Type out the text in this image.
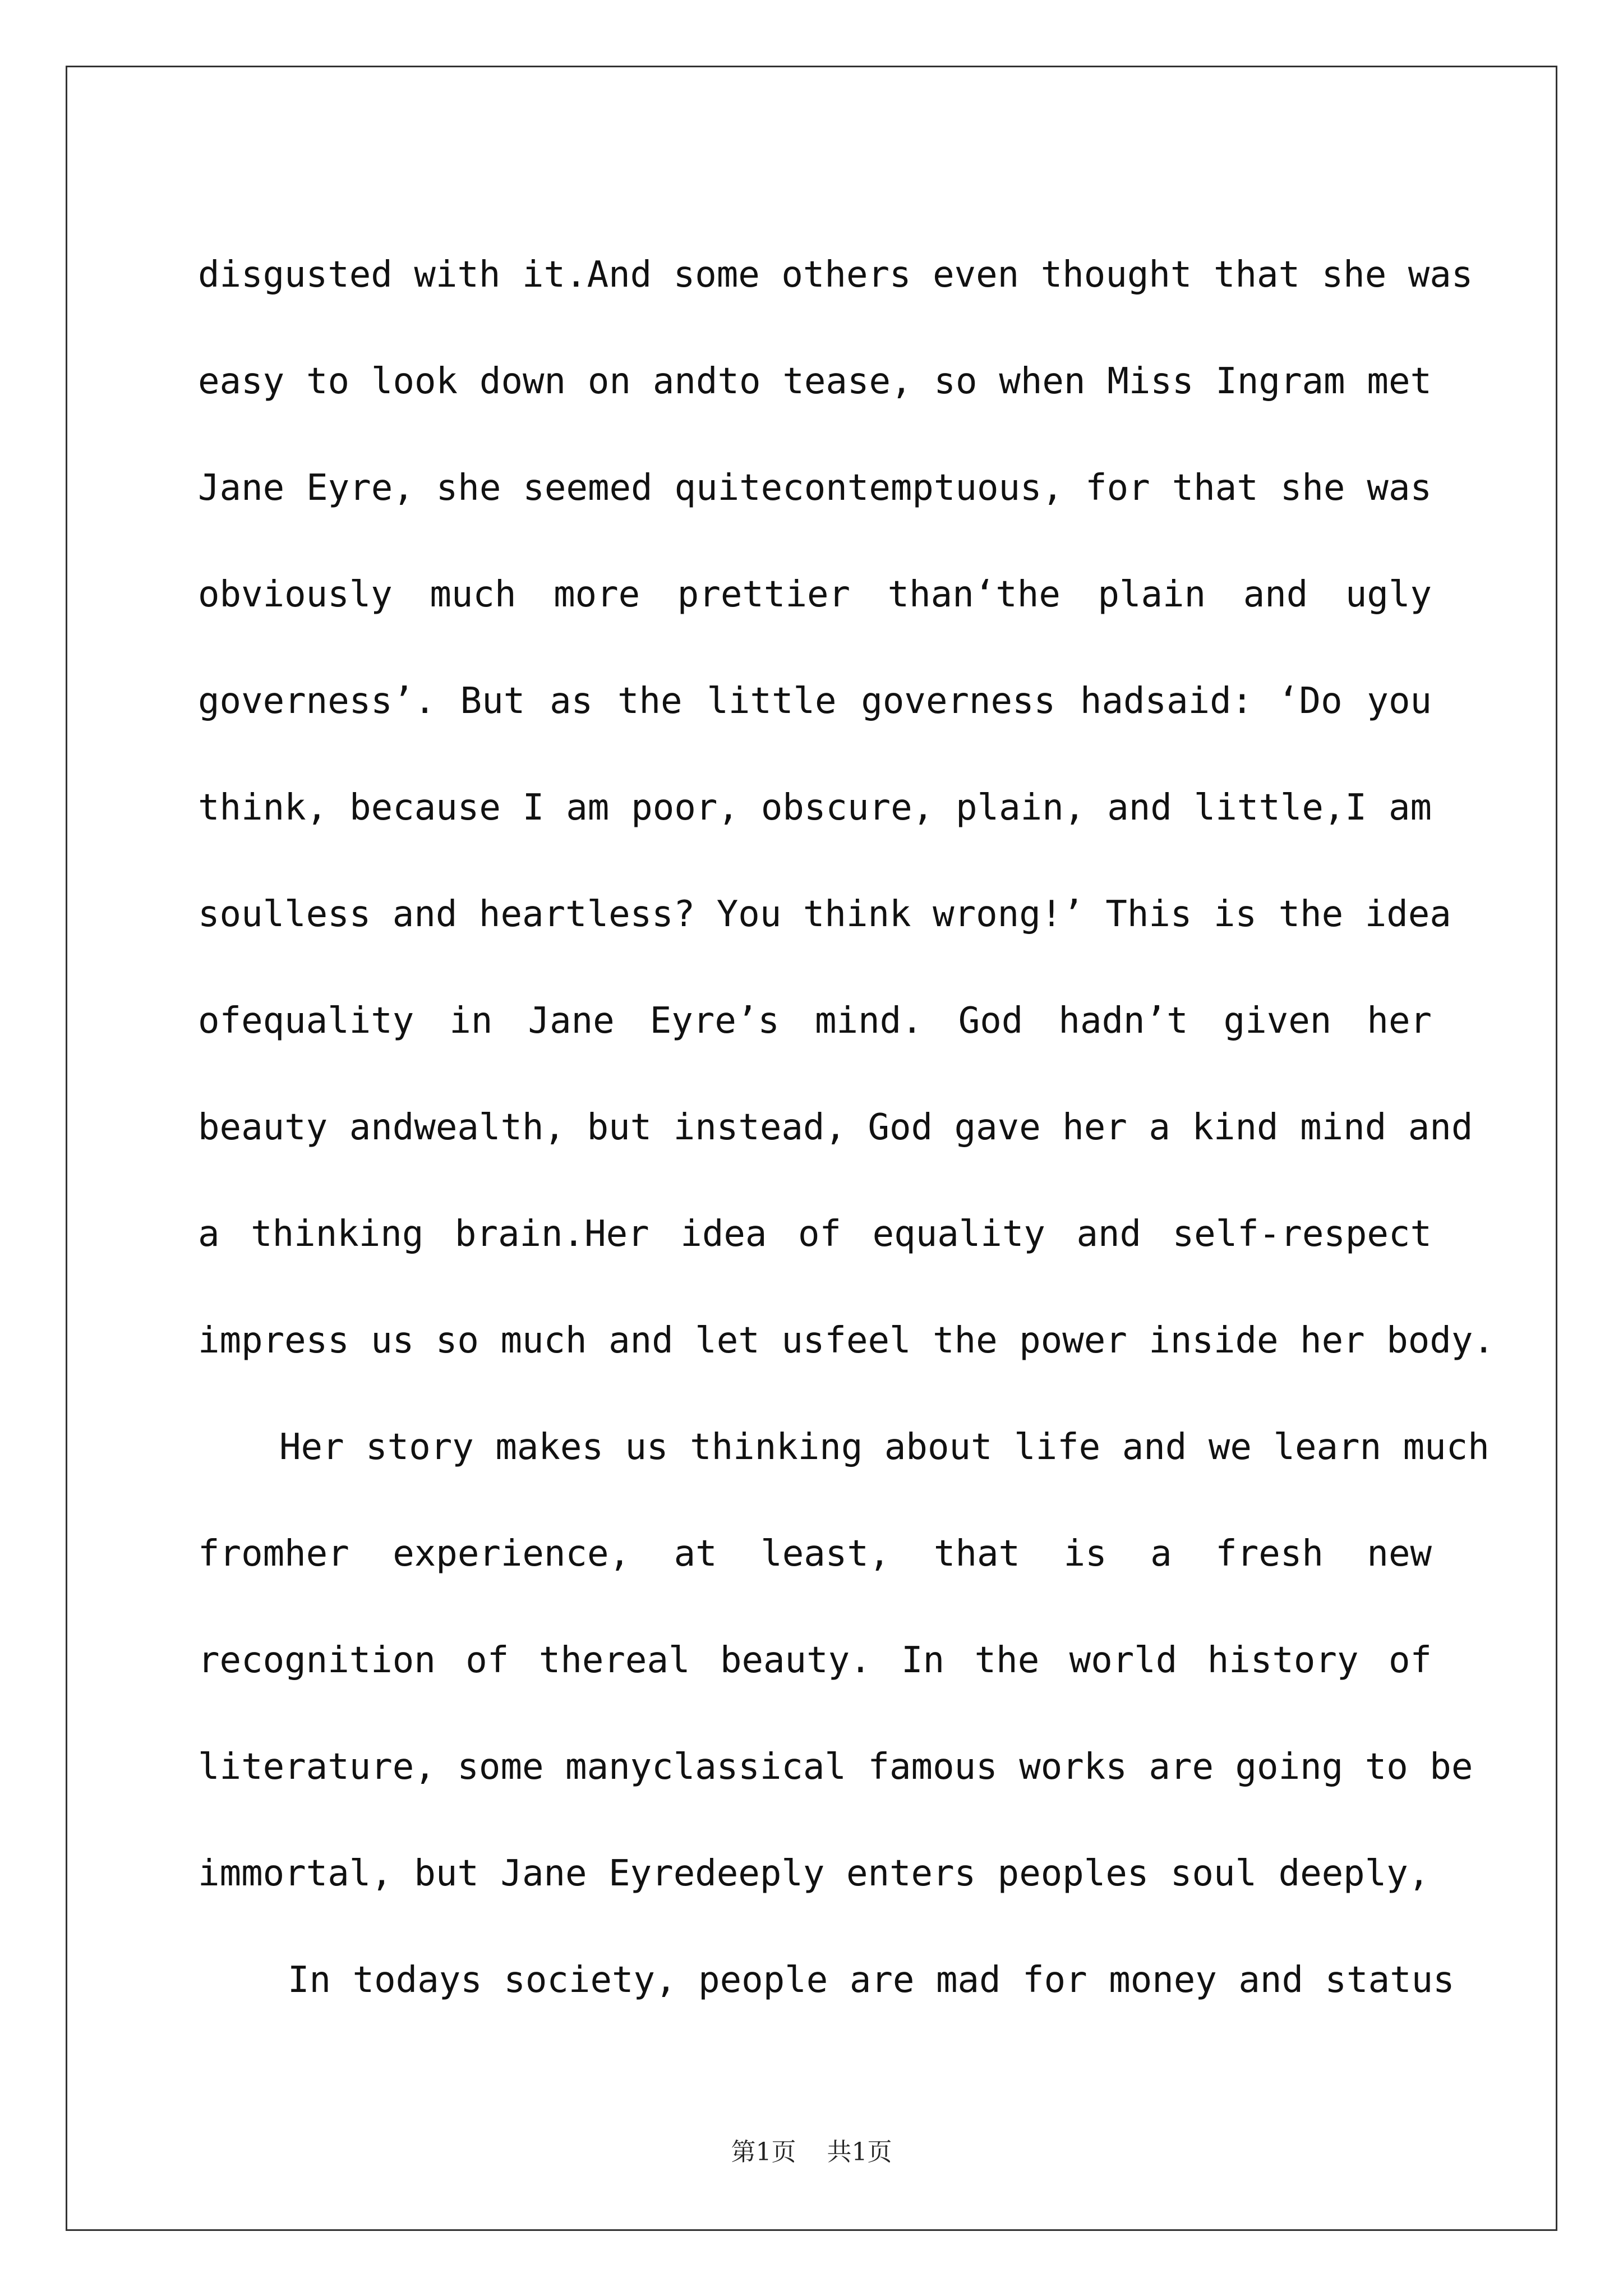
disgusted with it.And some others even thought that she was
easy to look down on andto tease, so when Miss Ingram met
Jane Eyre, she seemed quitecontemptuous, for that she was
obviously much more prettier than‘the plain and ugly
governess’. But as the little governess hadsaid: ‘Do you
think, because I am poor, obscure, plain, and little,I am
soulless and heartless? You think wrong!’ This is the idea
ofequality in Jane Eyre’s mind. God hadn’t given her
beauty andwealth, but instead, God gave her a kind mind and
a thinking brain.Her idea of equality and self-respect
impress us so much and let usfeel the power inside her body.
Her story makes us thinking about life and we learn much
fromher experience, at least, that is a fresh new
recognition of thereal beauty. In the world history of
literature, some manyclassical famous works are going to be
immortal, but Jane Eyredeeply enters peoples soul deeply,
In todays society, people are mad for money and status
第1页 共1页
